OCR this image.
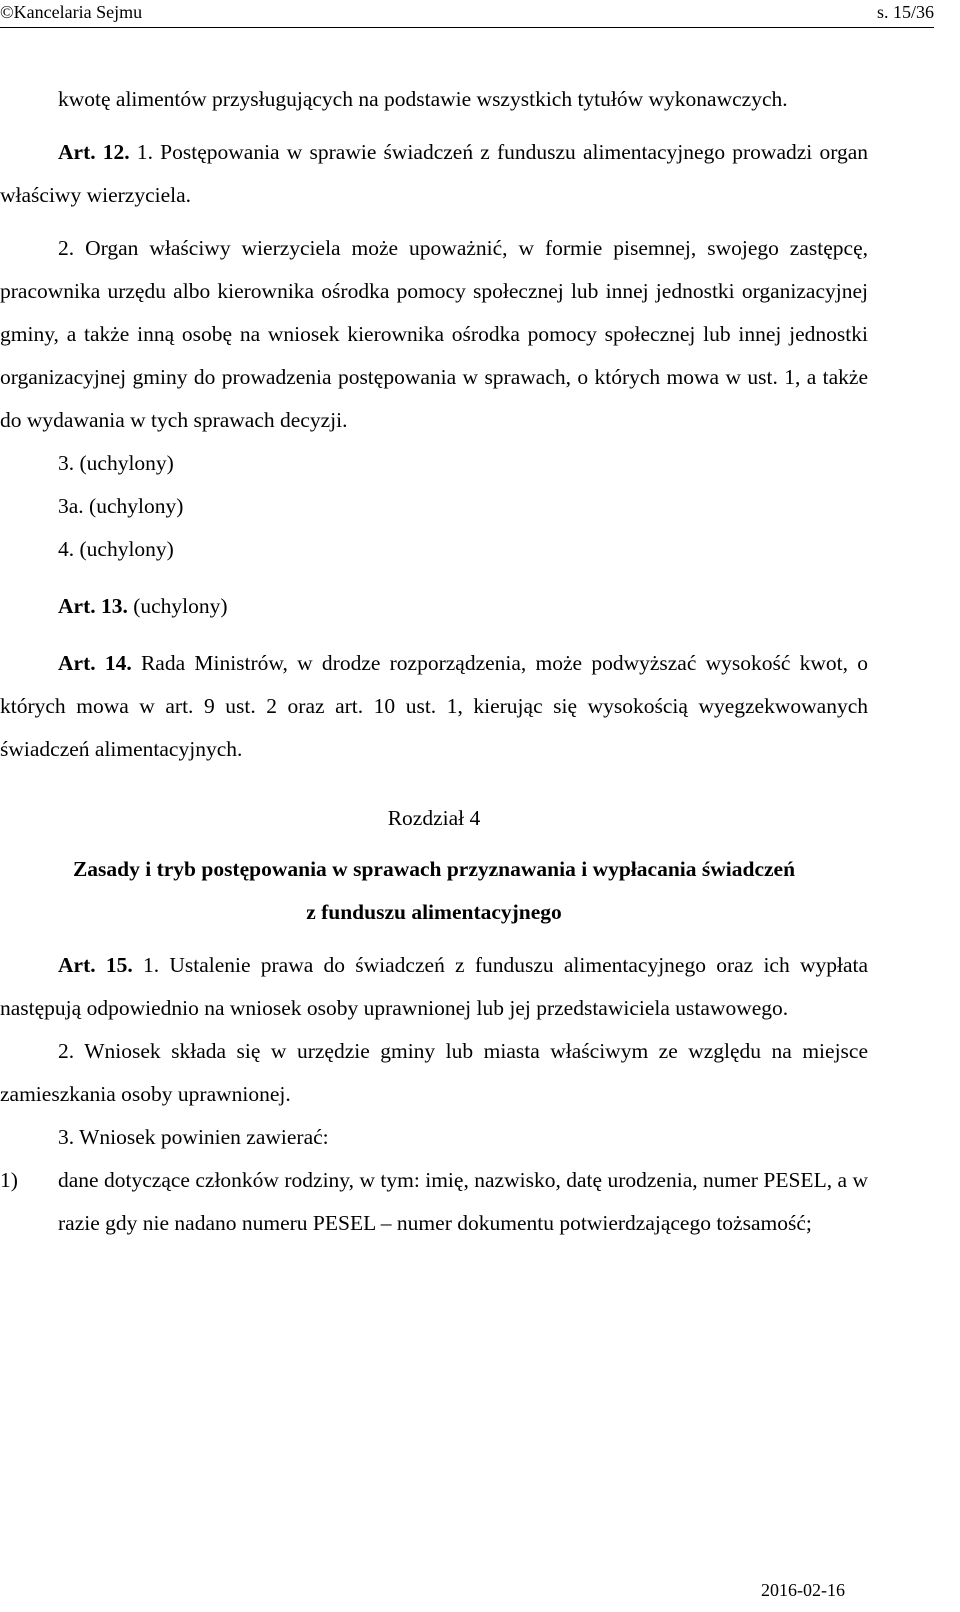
©Kancelaria Sejmu	s. 15/36

kwotę alimentów przysługujących na podstawie wszystkich tytułów wykonawczych.

Art. 12. 1. Postępowania w sprawie świadczeń z funduszu alimentacyjnego prowadzi organ właściwy wierzyciela.

2. Organ właściwy wierzyciela może upoważnić, w formie pisemnej, swojego zastępcę, pracownika urzędu albo kierownika ośrodka pomocy społecznej lub innej jednostki organizacyjnej gminy, a także inną osobę na wniosek kierownika ośrodka pomocy społecznej lub innej jednostki organizacyjnej gminy do prowadzenia postępowania w sprawach, o których mowa w ust. 1, a także do wydawania w tych sprawach decyzji.

3. (uchylony)

3a. (uchylony)

4. (uchylony)

Art. 13. (uchylony)

Art. 14. Rada Ministrów, w drodze rozporządzenia, może podwyższać wysokość kwot, o których mowa w art. 9 ust. 2 oraz art. 10 ust. 1, kierując się wysokością wyegzekwowanych świadczeń alimentacyjnych.

Rozdział 4

Zasady i tryb postępowania w sprawach przyznawania i wypłacania świadczeń

z funduszu alimentacyjnego

Art. 15. 1. Ustalenie prawa do świadczeń z funduszu alimentacyjnego oraz ich wypłata następują odpowiednio na wniosek osoby uprawnionej lub jej przedstawiciela ustawowego.

2. Wniosek składa się w urzędzie gminy lub miasta właściwym ze względu na miejsce zamieszkania osoby uprawnionej.

3. Wniosek powinien zawierać:

1) dane dotyczące członków rodziny, w tym: imię, nazwisko, datę urodzenia, numer PESEL, a w razie gdy nie nadano numeru PESEL – numer dokumentu potwierdzającego tożsamość;

2016-02-16
